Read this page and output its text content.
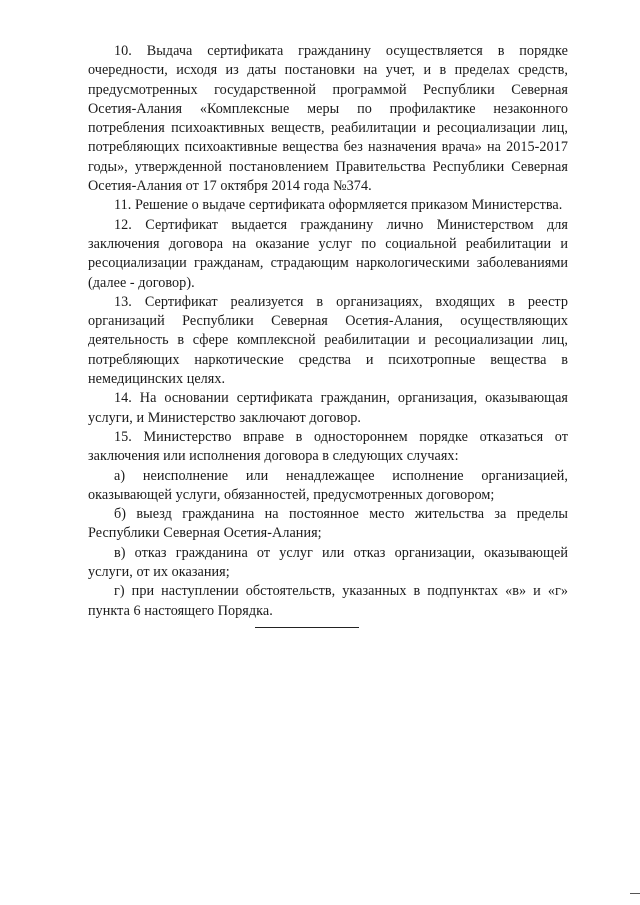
10. Выдача сертификата гражданину осуществляется в порядке очередности, исходя из даты постановки на учет, и в пределах средств, предусмотренных государственной программой Республики Северная Осетия-Алания «Комплексные меры по профилактике незаконного потребления психоактивных веществ, реабилитации и ресоциализации лиц, потребляющих психоактивные вещества без назначения врача» на 2015-2017 годы», утвержденной постановлением Правительства Республики Северная Осетия-Алания от 17 октября 2014 года №374.

11. Решение о выдаче сертификата оформляется приказом Министерства.

12. Сертификат выдается гражданину лично Министерством для заключения договора на оказание услуг по социальной реабилитации и ресоциализации гражданам, страдающим наркологическими заболеваниями (далее - договор).

13. Сертификат реализуется в организациях, входящих в реестр организаций Республики Северная Осетия-Алания, осуществляющих деятельность в сфере комплексной реабилитации и ресоциализации лиц, потребляющих наркотические средства и психотропные вещества в немедицинских целях.

14. На основании сертификата гражданин, организация, оказывающая услуги, и Министерство заключают договор.

15. Министерство вправе в одностороннем порядке отказаться от заключения или исполнения договора в следующих случаях:

а) неисполнение или ненадлежащее исполнение организацией, оказывающей услуги, обязанностей, предусмотренных договором;

б) выезд гражданина на постоянное место жительства за пределы Республики Северная Осетия-Алания;

в) отказ гражданина от услуг или отказ организации, оказывающей услуги, от их оказания;

г) при наступлении обстоятельств, указанных в подпунктах «в» и «г» пункта 6 настоящего Порядка.
